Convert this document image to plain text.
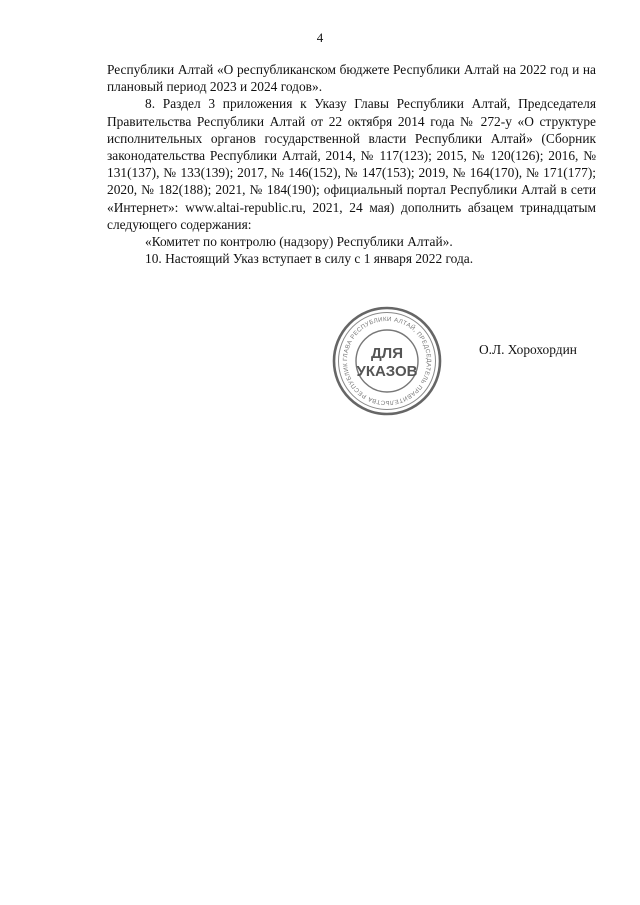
4

Республики Алтай «О республиканском бюджете Республики Алтай на 2022 год и на плановый период 2023 и 2024 годов».

8. Раздел 3 приложения к Указу Главы Республики Алтай, Председателя Правительства Республики Алтай от 22 октября 2014 года № 272-у «О структуре исполнительных органов государственной власти Республики Алтай» (Сборник законодательства Республики Алтай, 2014, № 117(123); 2015, № 120(126); 2016, № 131(137), № 133(139); 2017, № 146(152), № 147(153); 2019, № 164(170), № 171(177); 2020, № 182(188); 2021, № 184(190); официальный портал Республики Алтай в сети «Интернет»: www.altai-republic.ru, 2021, 24 мая) дополнить абзацем тринадцатым следующего содержания:

«Комитет по контролю (надзору) Республики Алтай».

10. Настоящий Указ вступает в силу с 1 января 2022 года.

ГЛАВА РЕСПУБЛИКИ АЛТАЙ, ПРЕДСЕДАТЕЛЬ ПРАВИТЕЛЬСТВА РЕСПУБЛИК
ДЛЯ
УКАЗОВ
О.Л. Хорохордин
